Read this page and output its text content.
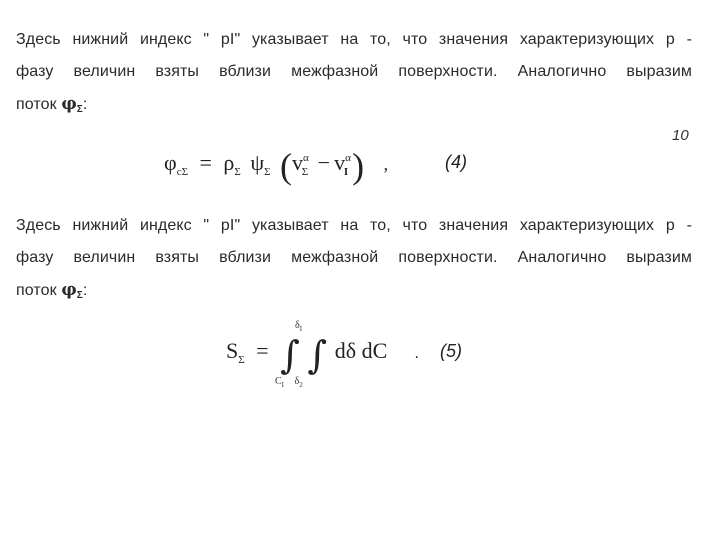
10
Здесь нижний индекс " pI" указывает на то, что значения характеризующих p -
фазу величин взяты вблизи межфазной поверхности. Аналогично выразим
поток φΣ:
$\varphi_{c\Sigma} = \rho_\Sigma$ $\psi_\Sigma$ ($v^\alpha_\Sigma - v^\alpha_I$ ) ,	(4)
Здесь нижний индекс " pI" указывает на то, что значения характеризующих p -
фазу величин взяты вблизи межфазной поверхности. Аналогично выразим
поток φΣ:
$S_\Sigma$ = ∫ ∫ dδ dC .
$\delta_I$
$C_I$ $\delta_2$
(5)
